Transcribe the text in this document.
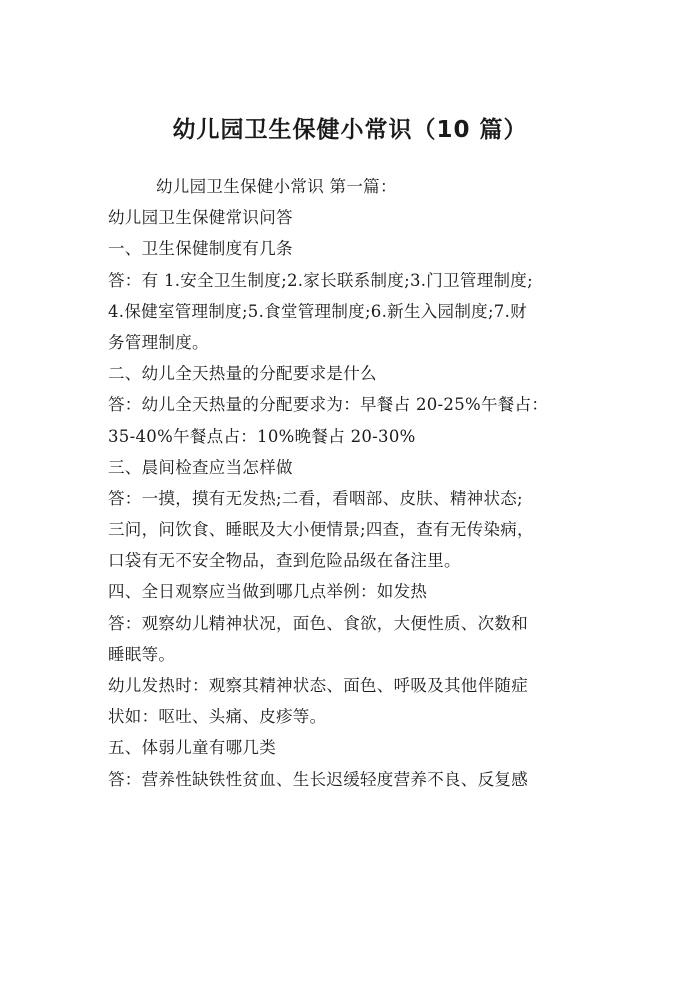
幼儿园卫生保健小常识（10 篇）
幼儿园卫生保健小常识 第一篇：
幼儿园卫生保健常识问答
一、卫生保健制度有几条
答：有 1.安全卫生制度;2.家长联系制度;3.门卫管理制度;
4.保健室管理制度;5.食堂管理制度;6.新生入园制度;7.财
务管理制度。
二、幼儿全天热量的分配要求是什么
答：幼儿全天热量的分配要求为：早餐占 20-25%午餐占：
35-40%午餐点占：10%晚餐占 20-30%
三、晨间检查应当怎样做
答：一摸，摸有无发热;二看，看咽部、皮肤、精神状态;
三问，问饮食、睡眠及大小便情景;四查，查有无传染病，
口袋有无不安全物品，查到危险品级在备注里。
四、全日观察应当做到哪几点举例：如发热
答：观察幼儿精神状况，面色、食欲，大便性质、次数和
睡眠等。
幼儿发热时：观察其精神状态、面色、呼吸及其他伴随症
状如：呕吐、头痛、皮疹等。
五、体弱儿童有哪几类
答：营养性缺铁性贫血、生长迟缓轻度营养不良、反复感
